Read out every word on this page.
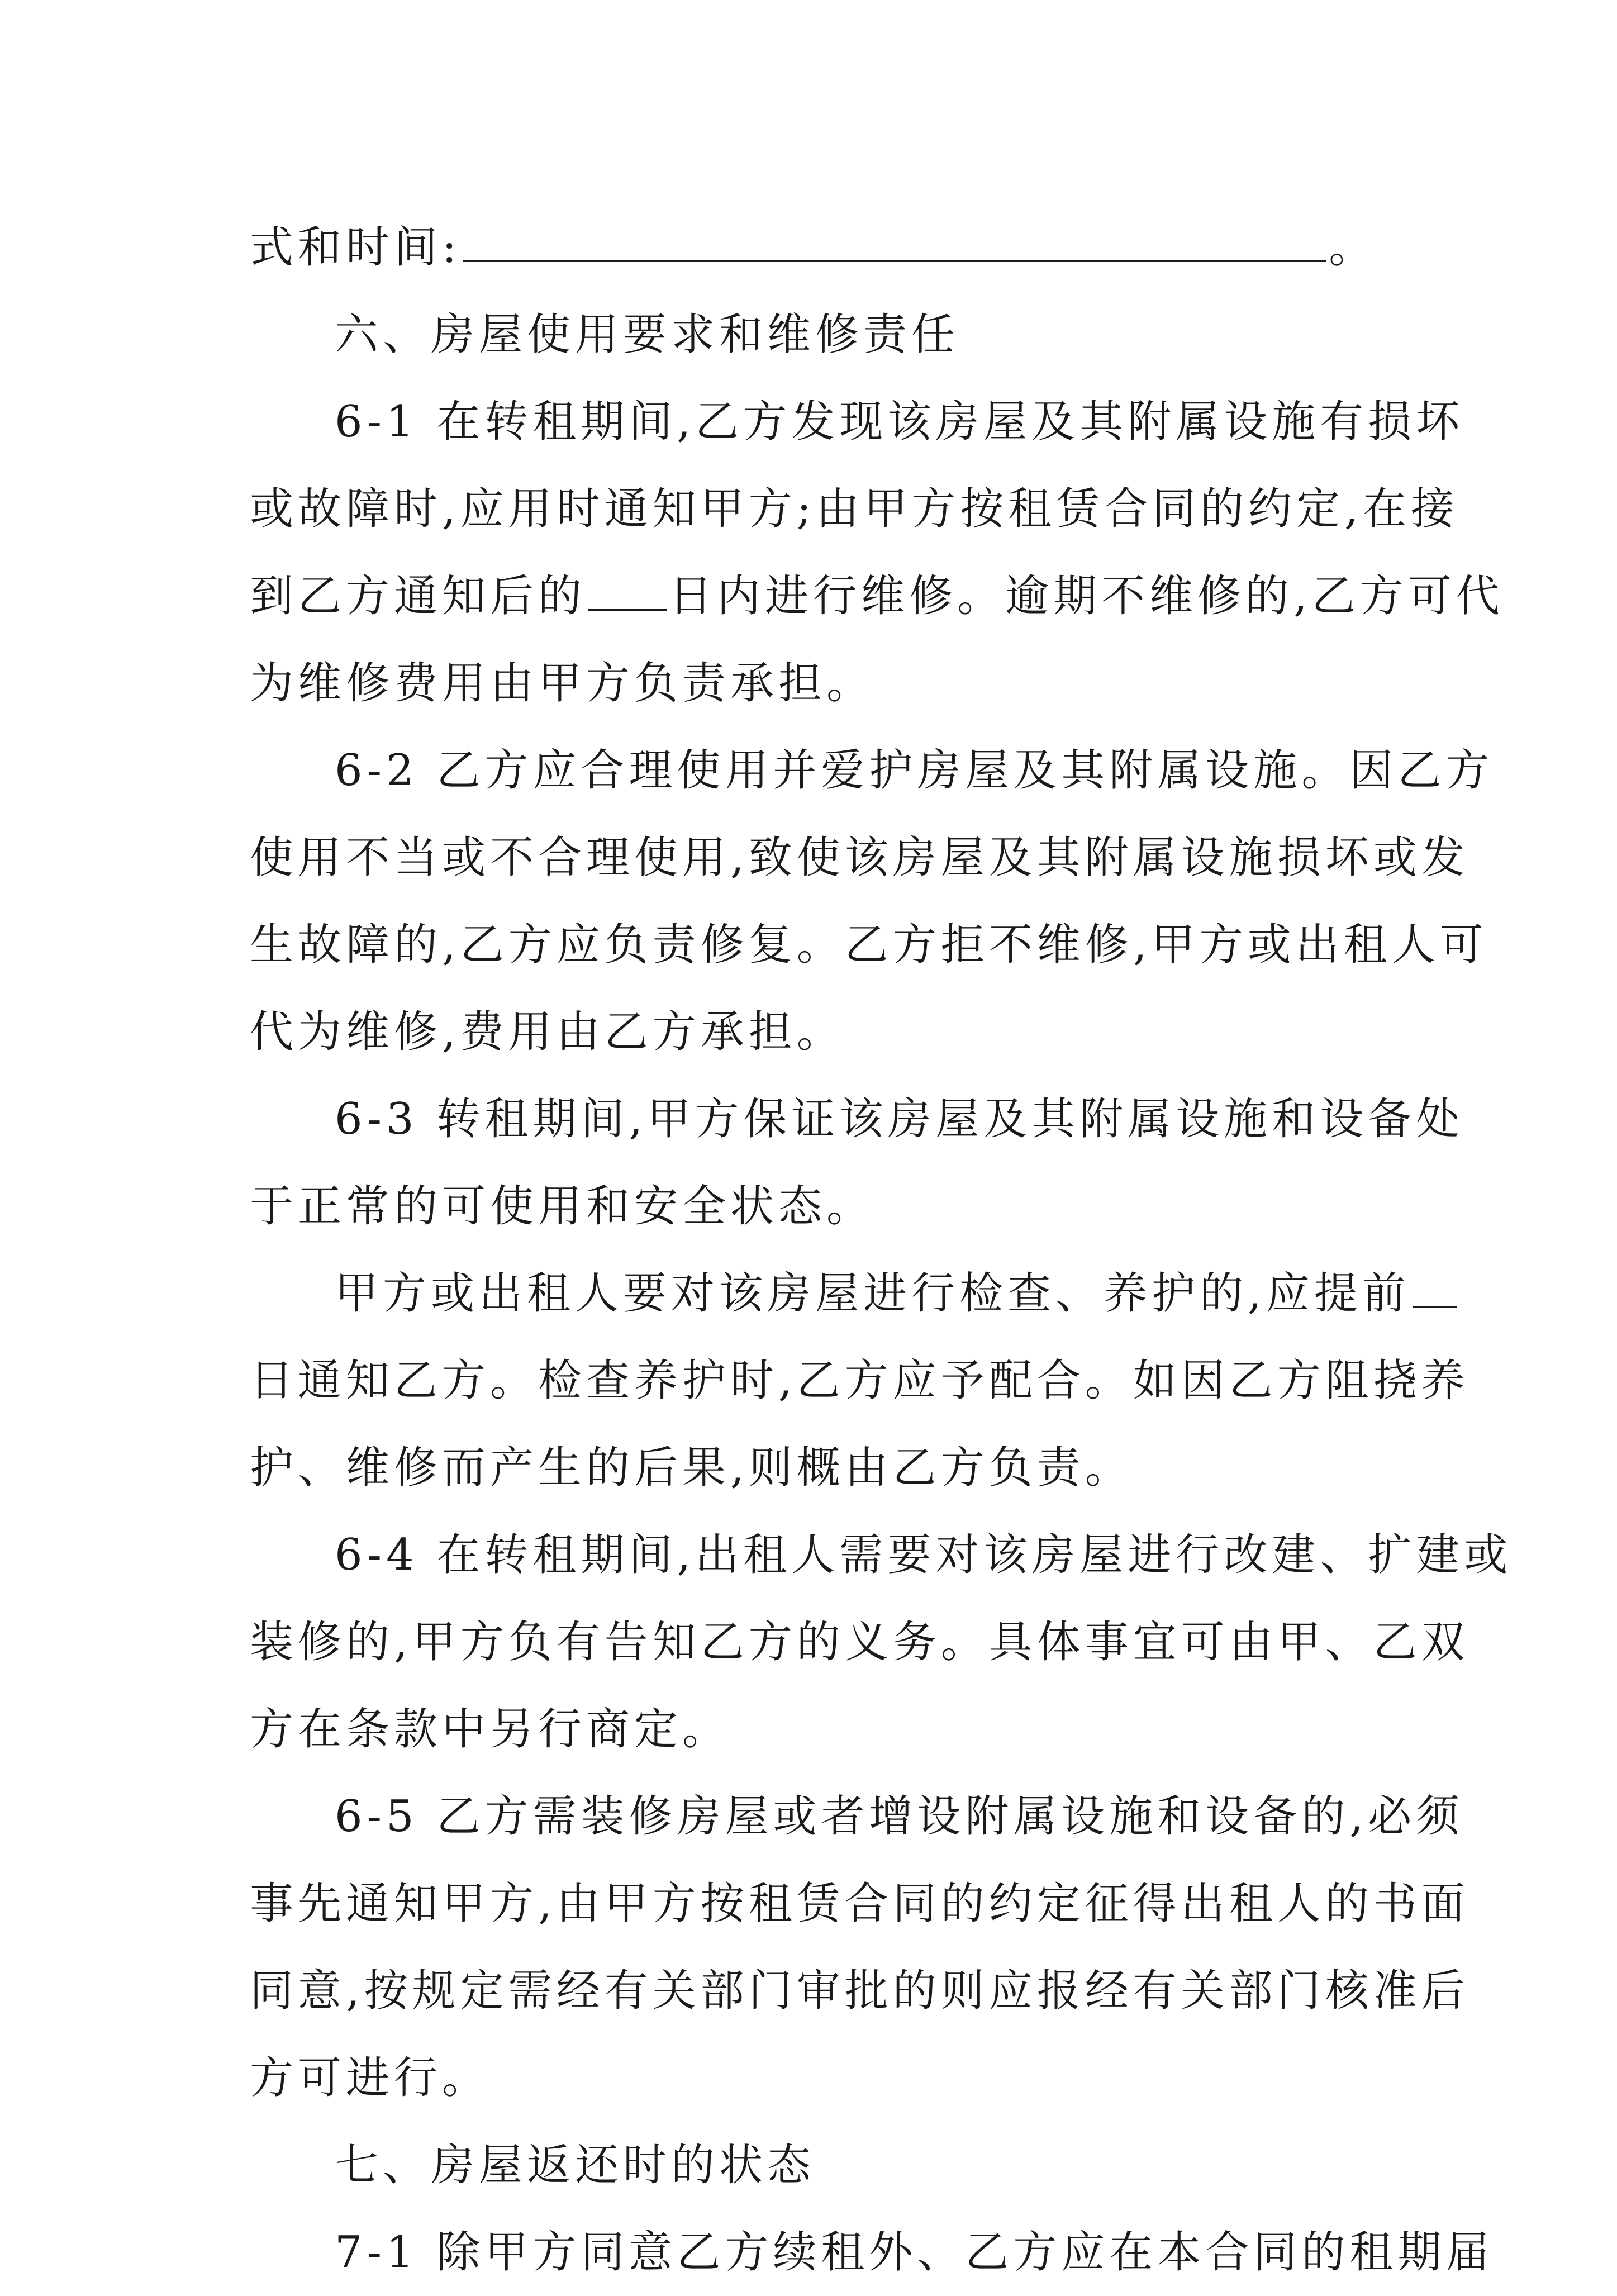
式和时间:	。
六、房屋使用要求和维修责任
6-1 在转租期间,乙方发现该房屋及其附属设施有损坏
或故障时,应用时通知甲方;由甲方按租赁合同的约定,在接
到乙方通知后的 日内进行维修。逾期不维修的,乙方可代
为维修费用由甲方负责承担。
6-2 乙方应合理使用并爱护房屋及其附属设施。因乙方
使用不当或不合理使用,致使该房屋及其附属设施损坏或发
生故障的,乙方应负责修复。乙方拒不维修,甲方或出租人可
代为维修,费用由乙方承担。
6-3 转租期间,甲方保证该房屋及其附属设施和设备处
于正常的可使用和安全状态。
甲方或出租人要对该房屋进行检查、养护的,应提前
日通知乙方。检查养护时,乙方应予配合。如因乙方阻挠养
护、维修而产生的后果,则概由乙方负责。
6-4 在转租期间,出租人需要对该房屋进行改建、扩建或
装修的,甲方负有告知乙方的义务。具体事宜可由甲、乙双
方在条款中另行商定。
6-5 乙方需装修房屋或者增设附属设施和设备的,必须
事先通知甲方,由甲方按租赁合同的约定征得出租人的书面
同意,按规定需经有关部门审批的则应报经有关部门核准后
方可进行。
七、房屋返还时的状态
7-1 除甲方同意乙方续租外、乙方应在本合同的租期届
